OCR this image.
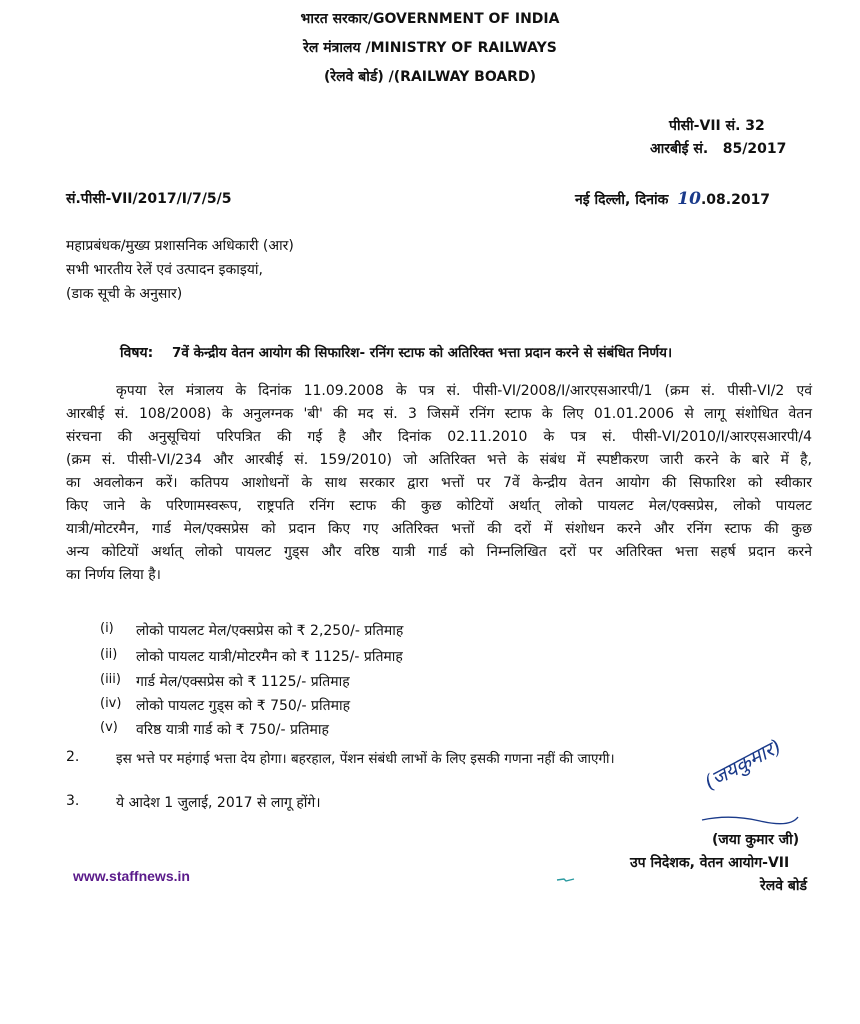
भारत सरकार/GOVERNMENT OF INDIA
रेल मंत्रालय /MINISTRY OF RAILWAYS
(रेलवे बोर्ड) /(RAILWAY BOARD)
पीसी-VII सं. 32
आरबीई सं.   85/2017
सं.पीसी-VII/2017/I/7/5/5	नई दिल्ली, दिनांक 10.08.2017
महाप्रबंधक/मुख्य प्रशासनिक अधिकारी (आर)
सभी भारतीय रेलें एवं उत्पादन इकाइयां,
(डाक सूची के अनुसार)
विषय: 7वें केन्द्रीय वेतन आयोग की सिफारिश- रनिंग स्टाफ को अतिरिक्त भत्ता प्रदान करने से संबंधित निर्णय।
कृपया रेल मंत्रालय के दिनांक 11.09.2008 के पत्र सं. पीसी-VI/2008/I/आरएसआरपी/1 (क्रम सं. पीसी-VI/2 एवं
आरबीई सं. 108/2008) के अनुलग्नक 'बी' की मद सं. 3 जिसमें रनिंग स्टाफ के लिए 01.01.2006 से लागू संशोधित वेतन
संरचना की अनुसूचियां परिपत्रित की गई है और दिनांक 02.11.2010 के पत्र सं. पीसी-VI/2010/I/आरएसआरपी/4
(क्रम सं. पीसी-VI/234 और आरबीई सं. 159/2010) जो अतिरिक्त भत्ते के संबंध में स्पष्टीकरण जारी करने के बारे में है,
का अवलोकन करें। कतिपय आशोधनों के साथ सरकार द्वारा भत्तों पर 7वें केन्द्रीय वेतन आयोग की सिफारिश को स्वीकार
किए जाने के परिणामस्वरूप, राष्ट्रपति रनिंग स्टाफ की कुछ कोटियों अर्थात् लोको पायलट मेल/एक्सप्रेस, लोको पायलट
यात्री/मोटरमैन, गार्ड मेल/एक्सप्रेस को प्रदान किए गए अतिरिक्त भत्तों की दरों में संशोधन करने और रनिंग स्टाफ की कुछ
अन्य कोटियों अर्थात् लोको पायलट गुड्स और वरिष्ठ यात्री गार्ड को निम्नलिखित दरों पर अतिरिक्त भत्ता सहर्ष प्रदान करने
का निर्णय लिया है।
(i)	लोको पायलट मेल/एक्सप्रेस को ₹ 2,250/- प्रतिमाह
(ii)	लोको पायलट यात्री/मोटरमैन को ₹ 1125/- प्रतिमाह
(iii)	गार्ड मेल/एक्सप्रेस को ₹ 1125/- प्रतिमाह
(iv)	लोको पायलट गुड्स को ₹ 750/- प्रतिमाह
(v)	वरिष्ठ यात्री गार्ड को ₹ 750/- प्रतिमाह
2.	इस भत्ते पर महंगाई भत्ता देय होगा। बहरहाल, पेंशन संबंधी लाभों के लिए इसकी गणना नहीं की जाएगी।
3.	ये आदेश 1 जुलाई, 2017 से लागू होंगे।
(जयकुमार)
(जया कुमार जी)
उप निदेशक, वेतन आयोग-VII
रेलवे बोर्ड
www.staffnews.in
